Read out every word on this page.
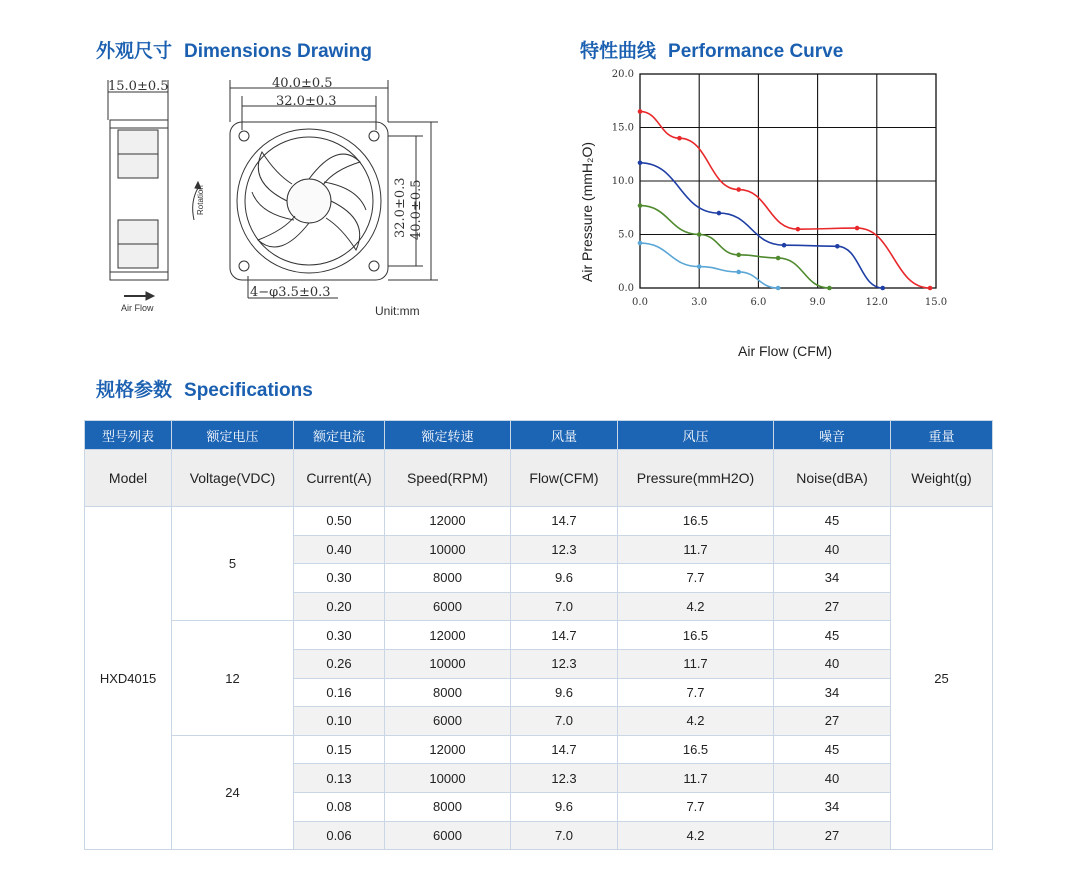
外观尺寸 Dimensions Drawing	特性曲线 Performance Curve
规格参数 Specifications
15.0±0.5	40.0±0.5
32.0±0.3
32.0±0.3 40.0±0.5
4−φ3.5±0.3
Rotation
Air Flow	Unit:mm
0.0	3.0	6.0	9.0	12.0	15.0
0.0
5.0
10.0
15.0
20.0
Air Pressure (mmH₂O)
Air Flow (CFM)
型号列表	额定电压	额定电流	额定转速	风量	风压	噪音	重量
Model	Voltage(VDC)	Current(A)	Speed(RPM)	Flow(CFM)	Pressure(mmH2O)	Noise(dBA)	Weight(g)
HXD4015	5	0.50	12000	14.7	16.5	45	25
		0.40	10000	12.3	11.7	40	
		0.30	8000	9.6	7.7	34	
		0.20	6000	7.0	4.2	27	
	12	0.30	12000	14.7	16.5	45	
		0.26	10000	12.3	11.7	40	
		0.16	8000	9.6	7.7	34	
		0.10	6000	7.0	4.2	27	
	24	0.15	12000	14.7	16.5	45	
		0.13	10000	12.3	11.7	40	
		0.08	8000	9.6	7.7	34	
		0.06	6000	7.0	4.2	27	
